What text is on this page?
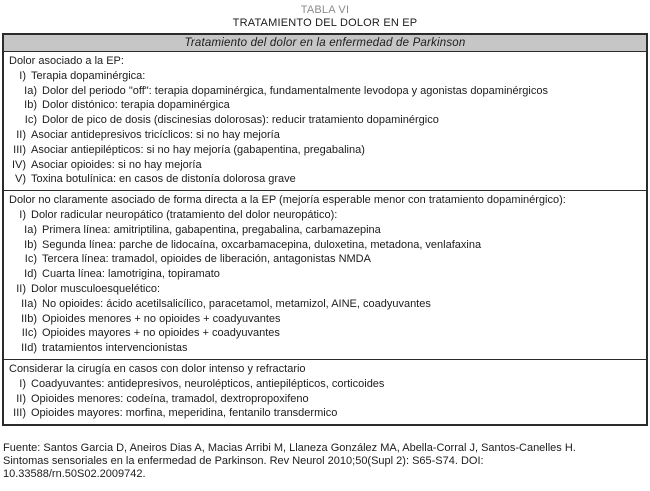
TABLA VI
TRATAMIENTO DEL DOLOR EN EP
Tratamiento del dolor en la enfermedad de Parkinson

Dolor asociado a la EP:
I) Terapia dopaminérgica:
Ia) Dolor del periodo "off": terapia dopaminérgica, fundamentalmente levodopa y agonistas dopaminérgicos
Ib) Dolor distónico: terapia dopaminérgica
Ic) Dolor de pico de dosis (discinesias dolorosas): reducir tratamiento dopaminérgico
II) Asociar antidepresivos tricíclicos: si no hay mejoría
III) Asociar antiepilépticos: si no hay mejoría (gabapentina, pregabalina)
IV) Asociar opioides: si no hay mejoría
V) Toxina botulínica: en casos de distonía dolorosa grave

Dolor no claramente asociado de forma directa a la EP (mejoría esperable menor con tratamiento dopaminérgico):
I) Dolor radicular neuropático (tratamiento del dolor neuropático):
Ia) Primera línea: amitriptilina, gabapentina, pregabalina, carbamazepina
Ib) Segunda línea: parche de lidocaína, oxcarbamacepina, duloxetina, metadona, venlafaxina
Ic) Tercera línea: tramadol, opioides de liberación, antagonistas NMDA
Id) Cuarta línea: lamotrigina, topiramato
II) Dolor musculoesquelético:
IIa) No opioides: ácido acetilsalicílico, paracetamol, metamizol, AINE, coadyuvantes
IIb) Opioides menores + no opioides + coadyuvantes
IIc) Opioides mayores + no opioides + coadyuvantes
IId) tratamientos intervencionistas

Considerar la cirugía en casos con dolor intenso y refractario
I) Coadyuvantes: antidepresivos, neurolépticos, antiepilépticos, corticoides
II) Opioides menores: codeína, tramadol, dextropropoxifeno
III) Opioides mayores: morfina, meperidina, fentanilo transdermico

Fuente: Santos Garcia D, Aneiros Dias A, Macias Arribi M, Llaneza González MA, Abella-Corral J, Santos-Canelles H. Sintomas sensoriales en la enfermedad de Parkinson. Rev Neurol 2010;50(Supl 2): S65-S74. DOI: 10.33588/rn.50S02.2009742.
